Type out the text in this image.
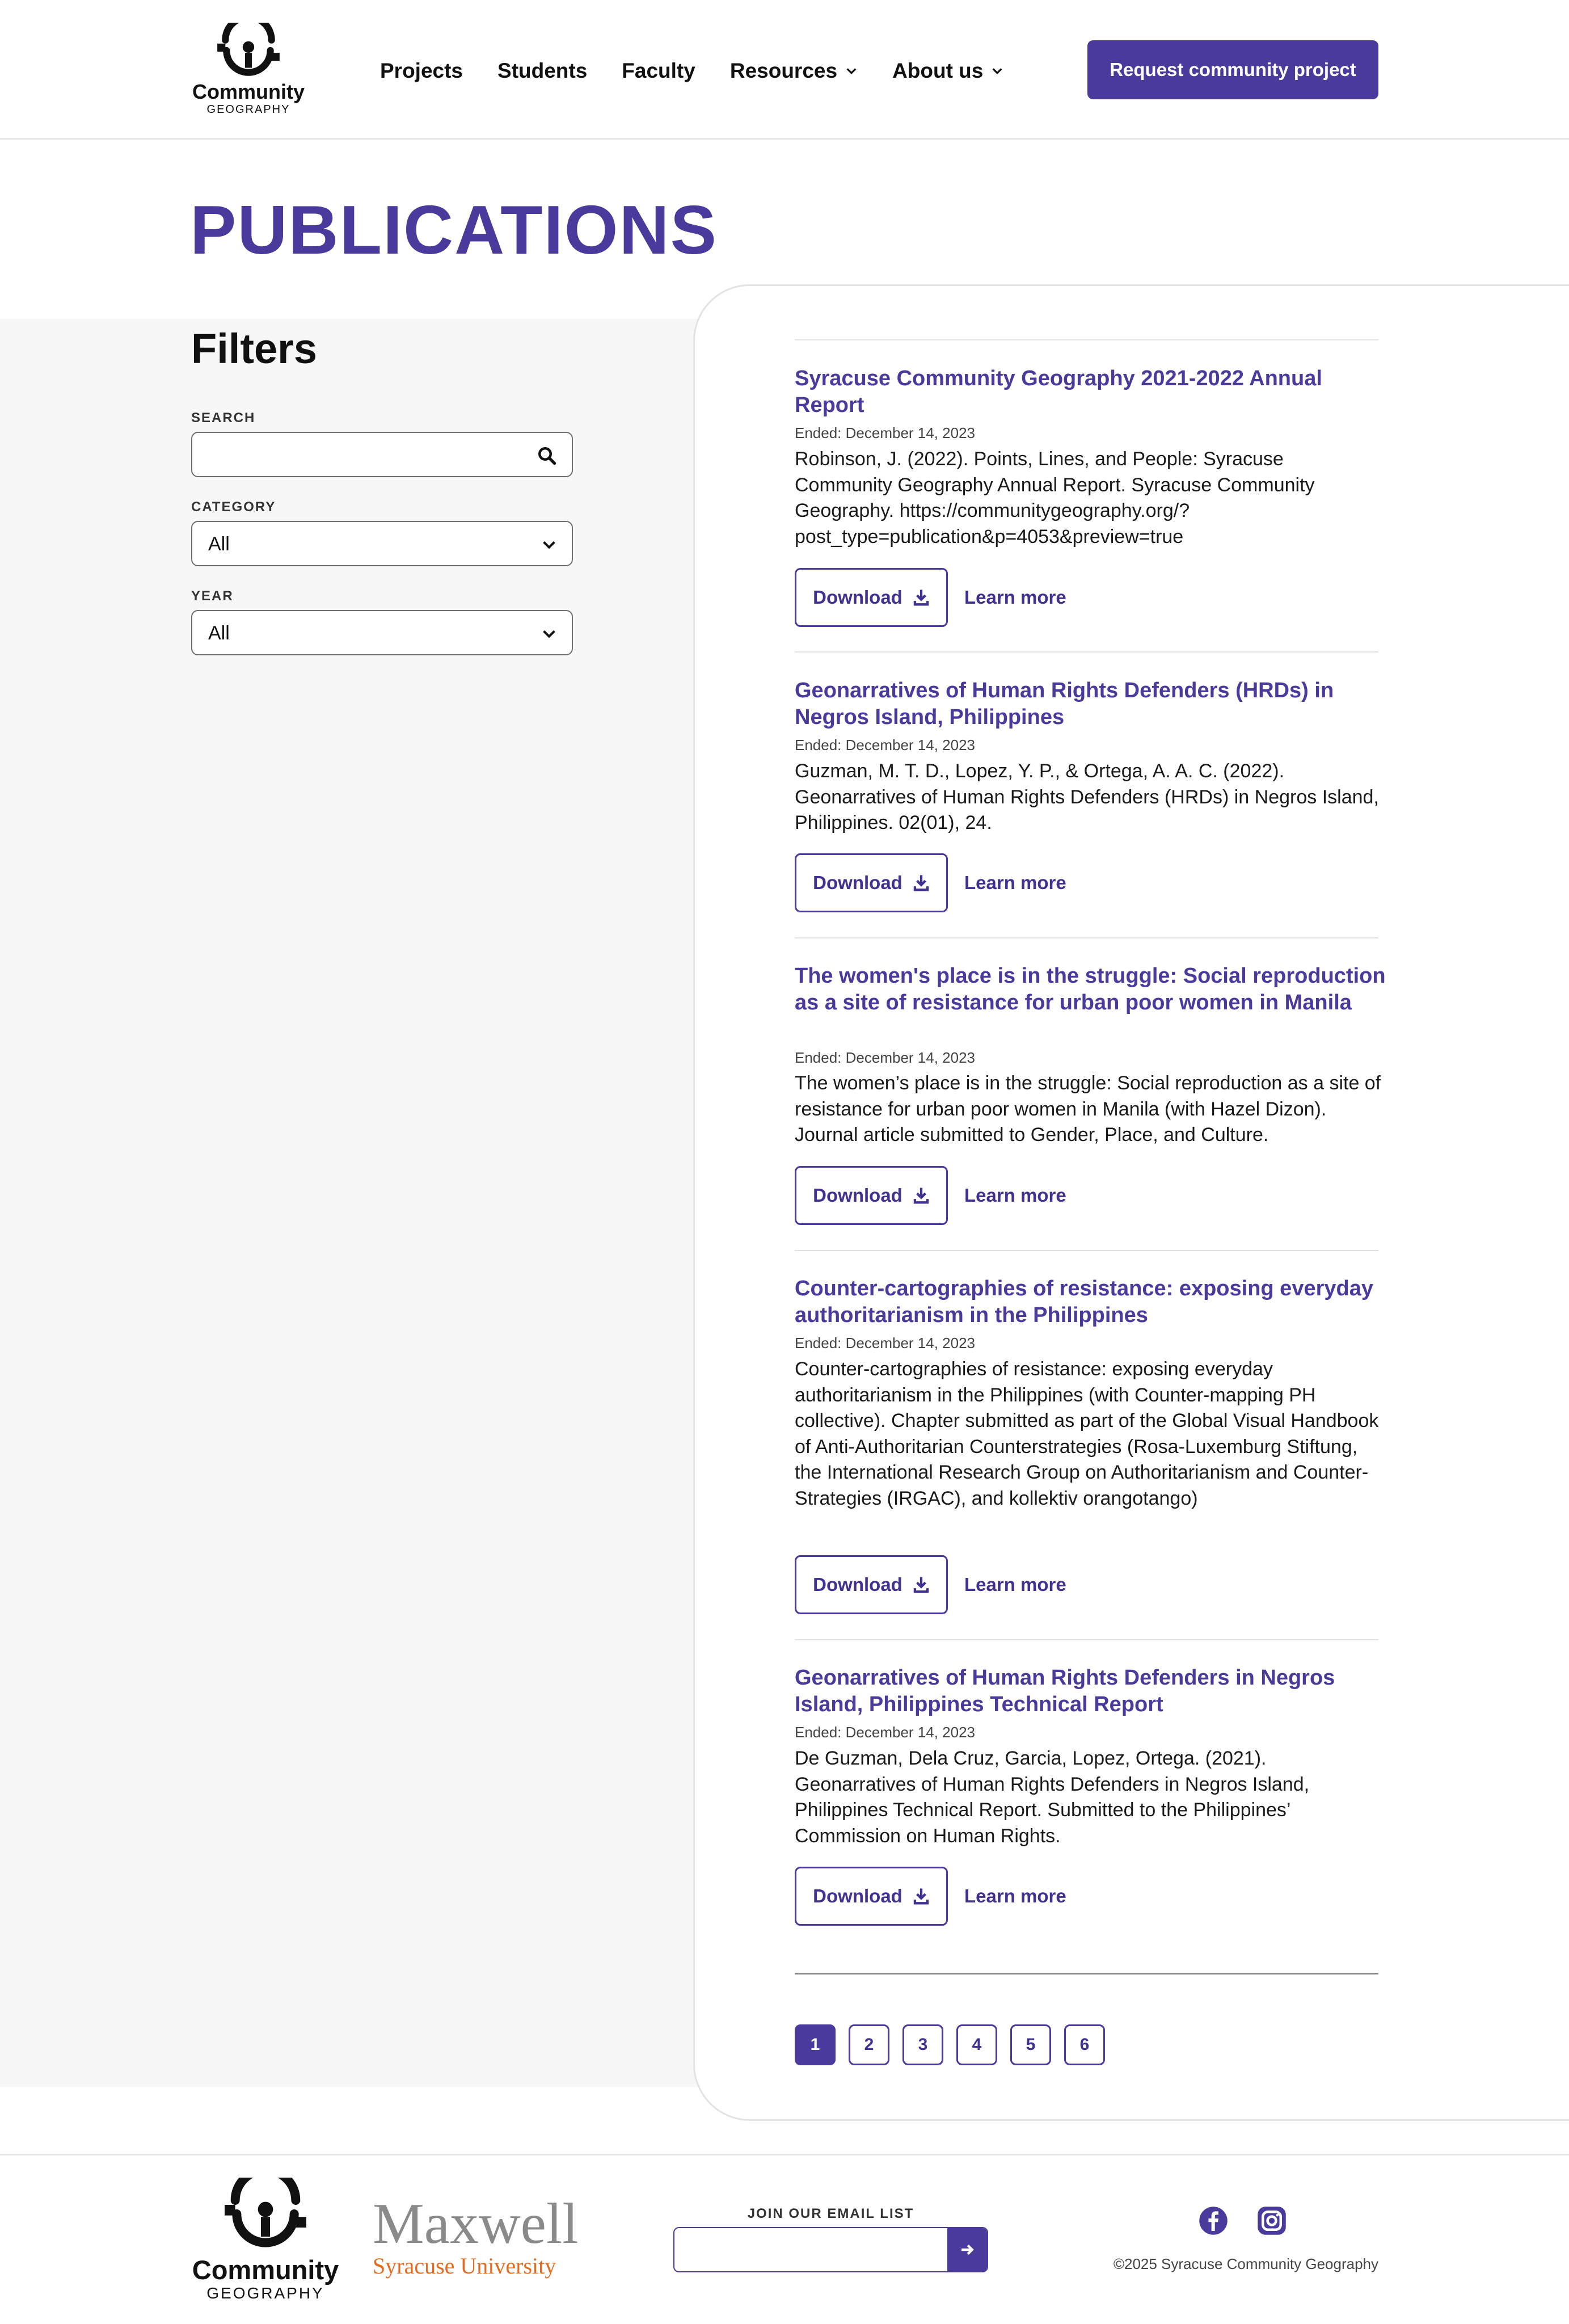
Community
GEOGRAPHY
Projects Students Faculty Resources	About us	Request community project
PUBLICATIONS
Filters
SEARCH
CATEGORY
All
YEAR
All
Syracuse Community Geography 2021-2022 Annual Report
Ended: December 14, 2023

Robinson, J. (2022). Points, Lines, and People: Syracuse Community Geography Annual Report. Syracuse Community Geography. https://communitygeography.org/?post_type=publication&p=4053&preview=true

Download	Learn more
Geonarratives of Human Rights Defenders (HRDs) in Negros Island, Philippines
Ended: December 14, 2023

Guzman, M. T. D., Lopez, Y. P., & Ortega, A. A. C. (2022). Geonarratives of Human Rights Defenders (HRDs) in Negros Island, Philippines. 02(01), 24.

Download	Learn more
The women's place is in the struggle: Social reproduction as a site of resistance for urban poor women in Manila
Ended: December 14, 2023

The women’s place is in the struggle: Social reproduction as a site of resistance for urban poor women in Manila (with Hazel Dizon). Journal article submitted to Gender, Place, and Culture.

Download	Learn more
Counter-cartographies of resistance: exposing everyday authoritarianism in the Philippines
Ended: December 14, 2023

Counter-cartographies of resistance: exposing everyday authoritarianism in the Philippines (with Counter-mapping PH collective). Chapter submitted as part of the Global Visual Handbook of Anti-Authoritarian Counterstrategies (Rosa-Luxemburg Stiftung, the International Research Group on Authoritarianism and Counter-Strategies (IRGAC), and kollektiv orangotango)

Download	Learn more
Geonarratives of Human Rights Defenders in Negros Island, Philippines Technical Report
Ended: December 14, 2023

De Guzman, Dela Cruz, Garcia, Lopez, Ortega. (2021). Geonarratives of Human Rights Defenders in Negros Island, Philippines Technical Report. Submitted to the Philippines’ Commission on Human Rights.

Download	Learn more
1	2	3	4	5	6
Community
GEOGRAPHY
Maxwell
Syracuse University
JOIN OUR EMAIL LIST
©2025 Syracuse Community Geography
